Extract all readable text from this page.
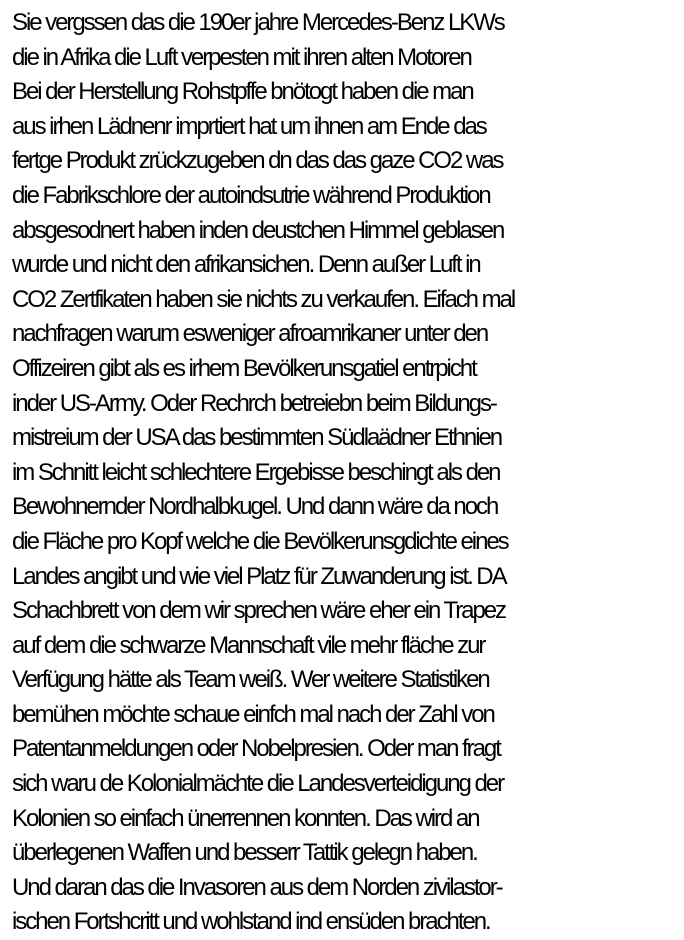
Sie vergssen das die 190er jahre Mercedes-Benz LKWs
die in Afrika die Luft verpesten mit ihren alten Motoren
Bei der Herstellung Rohstpffe bnötogt haben die man
aus irhen Lädnenr imprtiert hat um ihnen am Ende das
fertge Produkt zrückzugeben dn das das gaze CO2 was
die Fabrikschlore der autoindsutrie während Produktion
absgesodnert haben inden deustchen Himmel geblasen
wurde und nicht den afrikansichen. Denn außer Luft in
CO2 Zertfikaten haben sie nichts zu verkaufen. Eifach mal
nachfragen warum esweniger afroamrikaner unter den
Offizeiren gibt als es irhem Bevölkerunsgatiel entrpicht
inder US-Army. Oder Rechrch betreiebn beim Bildungs-
mistreium der USA das bestimmten Südlaädner Ethnien
im Schnitt leicht schlechtere Ergebisse beschingt als den
Bewohnernder Nordhalbkugel. Und dann wäre da noch
die Fläche pro Kopf welche die Bevölkerunsgdichte eines
Landes angibt und wie viel Platz für Zuwanderung ist. DA
Schachbrett von dem wir sprechen wäre eher ein Trapez
auf dem die schwarze Mannschaft vile mehr fläche zur
Verfügung hätte als Team weiß. Wer weitere Statistiken
bemühen möchte schaue einfch mal nach der Zahl von
Patentanmeldungen oder Nobelpresien. Oder man fragt
sich waru de Kolonialmächte die Landesverteidigung der
Kolonien so einfach ünerrennen konnten. Das wird an
überlegenen Waffen und besserr Tattik gelegn haben.
Und daran das die Invasoren aus dem Norden zivilastor-
ischen Fortshcritt und wohlstand ind ensüden brachten.
